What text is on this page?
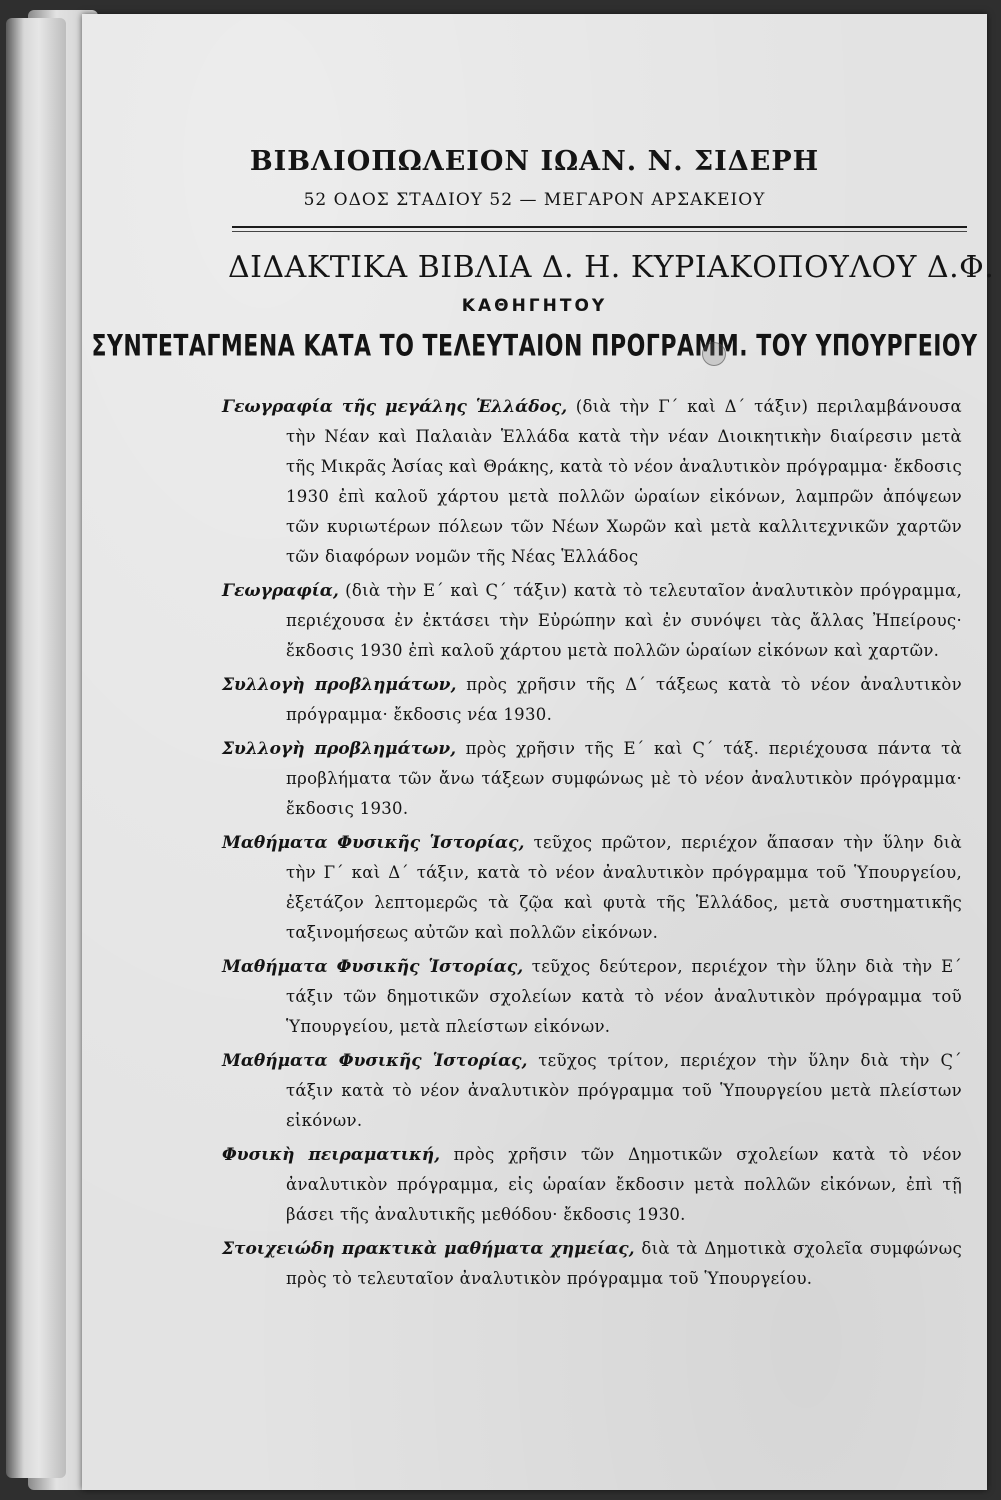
ΒΙΒΛΙΟΠΩΛΕΙΟΝ ΙΩΑΝ. Ν. ΣΙΔΕΡΗ
52 ΟΔΟΣ ΣΤΑΔΙΟΥ 52 — ΜΕΓΑΡΟΝ ΑΡΣΑΚΕΙΟΥ
ΔΙΔΑΚΤΙΚΑ ΒΙΒΛΙΑ Δ. Η. ΚΥΡΙΑΚΟΠΟΥΛΟΥ Δ.Φ.
ΚΑΘΗΓΗΤΟΥ
ΣΥΝΤΕΤΑΓΜΕΝΑ ΚΑΤΑ ΤΟ ΤΕΛΕΥΤΑΙΟΝ ΠΡΟΓΡΑΜΜ. ΤΟΥ ΥΠΟΥΡΓΕΙΟΥ

Γεωγραφία τῆς μεγάλης Ἑλλάδος, (διὰ τὴν Γ΄ καὶ Δ΄ τάξιν) περιλαμβάνουσα τὴν Νέαν καὶ Παλαιὰν Ἑλλάδα κατὰ τὴν νέαν Διοικητικὴν διαίρεσιν μετὰ τῆς Μικρᾶς Ἀσίας καὶ Θράκης, κατὰ τὸ νέον ἀναλυτικὸν πρόγραμμα· ἔκδοσις 1930 ἐπὶ καλοῦ χάρτου μετὰ πολλῶν ὡραίων εἰκόνων, λαμπρῶν ἀπόψεων τῶν κυριωτέρων πόλεων τῶν Νέων Χωρῶν καὶ μετὰ καλλιτεχνικῶν χαρτῶν τῶν διαφόρων νομῶν τῆς Νέας Ἑλλάδος

Γεωγραφία, (διὰ τὴν Ε΄ καὶ Ϛ΄ τάξιν) κατὰ τὸ τελευταῖον ἀναλυτικὸν πρόγραμμα, περιέχουσα ἐν ἐκτάσει τὴν Εὐρώπην καὶ ἐν συνόψει τὰς ἄλλας Ἠπείρους· ἔκδοσις 1930 ἐπὶ καλοῦ χάρτου μετὰ πολλῶν ὡραίων εἰκόνων καὶ χαρτῶν.

Συλλογὴ προβλημάτων, πρὸς χρῆσιν τῆς Δ΄ τάξεως κατὰ τὸ νέον ἀναλυτικὸν πρόγραμμα· ἔκδοσις νέα 1930.

Συλλογὴ προβλημάτων, πρὸς χρῆσιν τῆς Ε΄ καὶ Ϛ΄ τάξ. περιέχουσα πάντα τὰ προβλήματα τῶν ἄνω τάξεων συμφώνως μὲ τὸ νέον ἀναλυτικὸν πρόγραμμα· ἔκδοσις 1930.

Μαθήματα Φυσικῆς Ἱστορίας, τεῦχος πρῶτον, περιέχον ἅπασαν τὴν ὕλην διὰ τὴν Γ΄ καὶ Δ΄ τάξιν, κατὰ τὸ νέον ἀναλυτικὸν πρόγραμμα τοῦ Ὑπουργείου, ἐξετάζον λεπτομερῶς τὰ ζῷα καὶ φυτὰ τῆς Ἑλλάδος, μετὰ συστηματικῆς ταξινομήσεως αὐτῶν καὶ πολλῶν εἰκόνων.

Μαθήματα Φυσικῆς Ἱστορίας, τεῦχος δεύτερον, περιέχον τὴν ὕλην διὰ τὴν Ε΄ τάξιν τῶν δημοτικῶν σχολείων κατὰ τὸ νέον ἀναλυτικὸν πρόγραμμα τοῦ Ὑπουργείου, μετὰ πλείστων εἰκόνων.

Μαθήματα Φυσικῆς Ἱστορίας, τεῦχος τρίτον, περιέχον τὴν ὕλην διὰ τὴν Ϛ΄ τάξιν κατὰ τὸ νέον ἀναλυτικὸν πρόγραμμα τοῦ Ὑπουργείου μετὰ πλείστων εἰκόνων.

Φυσικὴ πειραματική, πρὸς χρῆσιν τῶν Δημοτικῶν σχολείων κατὰ τὸ νέον ἀναλυτικὸν πρόγραμμα, εἰς ὡραίαν ἔκδοσιν μετὰ πολλῶν εἰκόνων, ἐπὶ τῇ βάσει τῆς ἀναλυτικῆς μεθόδου· ἔκδοσις 1930.

Στοιχειώδη πρακτικὰ μαθήματα χημείας, διὰ τὰ Δημοτικὰ σχολεῖα συμφώνως πρὸς τὸ τελευταῖον ἀναλυτικὸν πρόγραμμα τοῦ Ὑπουργείου.
